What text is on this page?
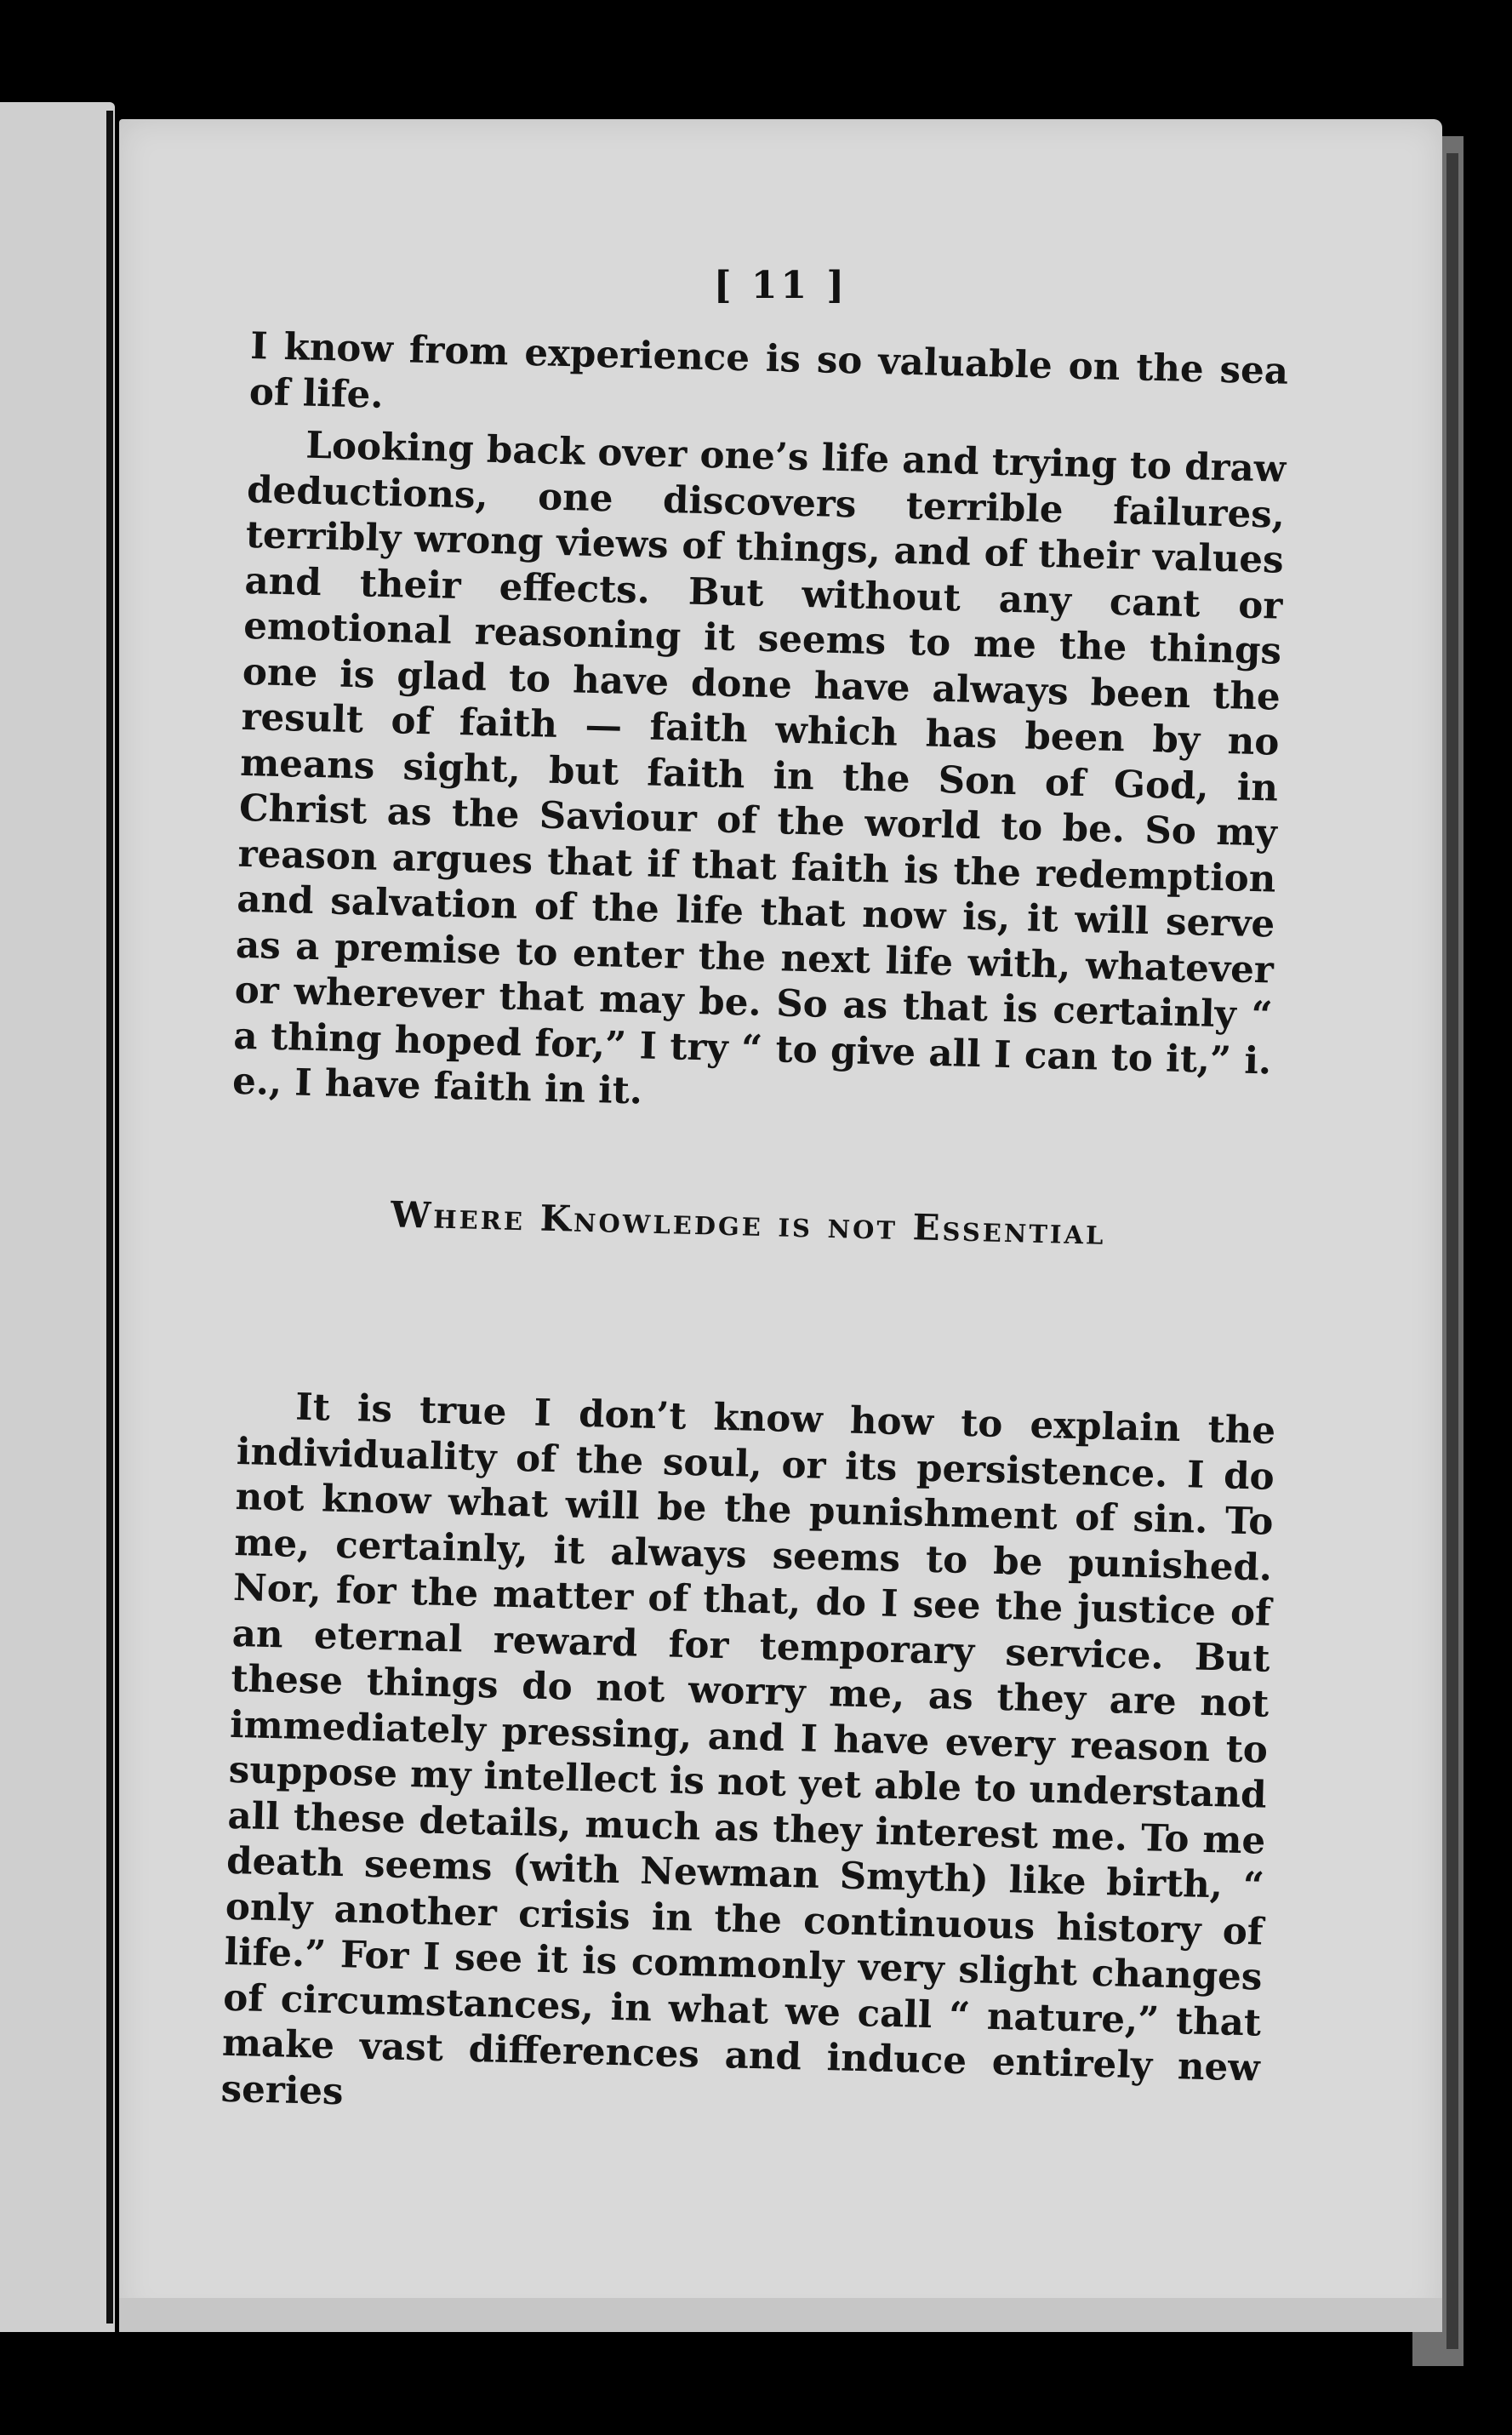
[ 11 ]

I know from experience is so valuable on the sea of life.

Looking back over one’s life and trying to draw deductions, one discovers terrible failures, terribly wrong views of things, and of their values and their effects. But without any cant or emotional reasoning it seems to me the things one is glad to have done have always been the result of faith — faith which has been by no means sight, but faith in the Son of God, in Christ as the Saviour of the world to be. So my reason argues that if that faith is the redemption and salvation of the life that now is, it will serve as a premise to enter the next life with, whatever or wherever that may be. So as that is certainly “ a thing hoped for,” I try “ to give all I can to it,” i. e., I have faith in it.

Where Knowledge is not Essential

It is true I don’t know how to explain the individuality of the soul, or its persistence. I do not know what will be the punishment of sin. To me, certainly, it always seems to be punished. Nor, for the matter of that, do I see the justice of an eternal reward for temporary service. But these things do not worry me, as they are not immediately pressing, and I have every reason to suppose my intellect is not yet able to understand all these details, much as they interest me. To me death seems (with Newman Smyth) like birth, “ only another crisis in the continuous history of life.” For I see it is commonly very slight changes of circumstances, in what we call “ nature,” that make vast differences and induce entirely new series
